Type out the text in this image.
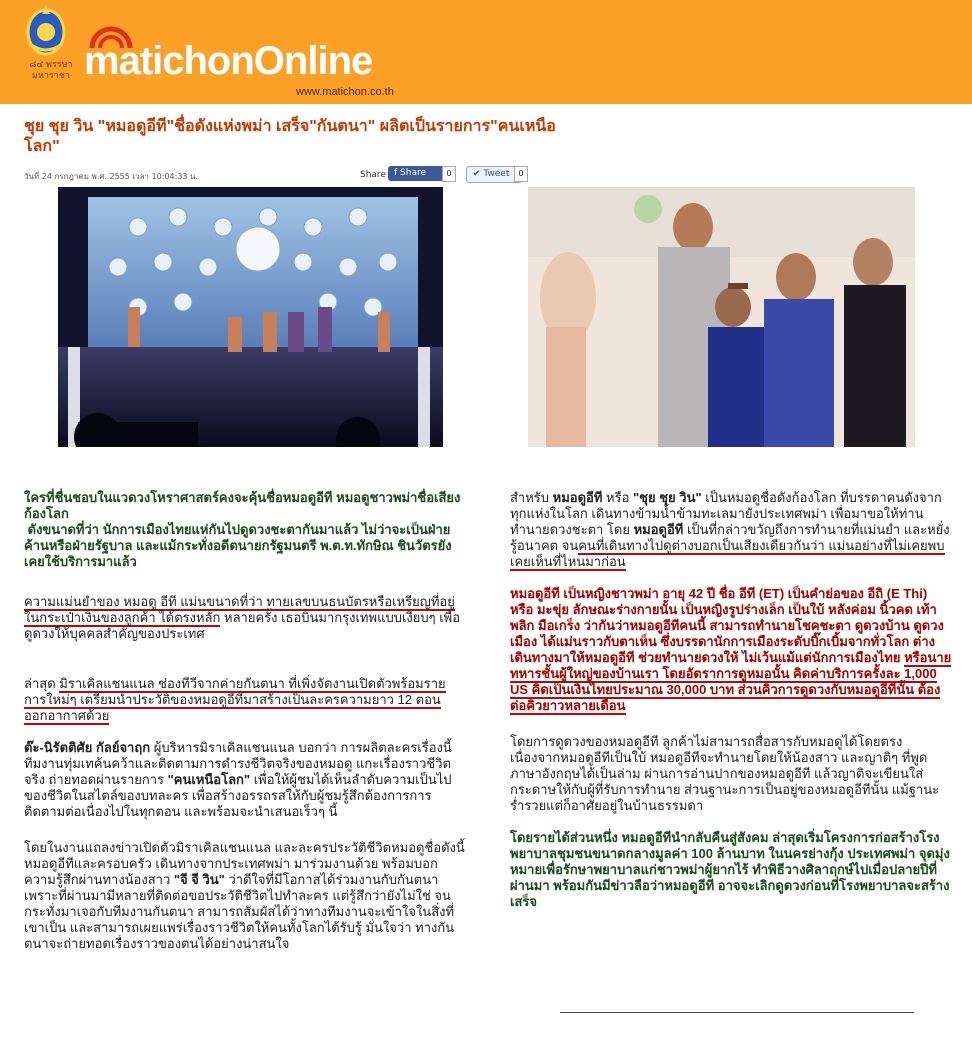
๘๔ พรรษา
มหาราชา matichonOnline
www.matichon.co.th
ชุย ชุย วิน "หมอดูอีที"ชื่อดังแห่งพม่า เสร็จ"กันตนา" ผลิตเป็นรายการ"คนเหนือโลก"
วันที่ 24 กรกฎาคม พ.ศ. 2555 เวลา 10:04:33 น.	Share f Share	0	✔ Tweet	0

ใครที่ชื่นชอบในแวดวงโหราศาสตร์คงจะคุ้นชื่อหมอดูอีที หมอดูชาวพม่าชื่อเสียงก้องโลก
ดังขนาดที่ว่า นักการเมืองไทยแห่กันไปดูดวงชะตากันมาแล้ว ไม่ว่าจะเป็นฝ่ายค้านหรือฝ่ายรัฐบาล และแม้กระทั่งอดีตนายกรัฐมนตรี พ.ต.ท.ทักษิณ ชินวัตรยังเคยใช้บริการมาแล้ว

ความแม่นยำของ หมอดู อีที แม่นขนาดที่ว่า ทายเลขบนธนบัตรหรือเหรียญที่อยู่ในกระเป๋าเงินของลูกค้า ได้ตรงหลัก หลายครั้ง เธอบินมากรุงเทพแบบเงียบๆ เพื่อดูดวงให้บุคคลสำคัญของประเทศ

ล่าสุด มิราเคิลแชนแนล ช่องทีวีจากค่ายกันตนา ที่เพิ่งจัดงานเปิดตัวพร้อมรายการใหม่ๆ เตรียมนำประวัติของหมอดูอีทีมาสร้างเป็นละครความยาว 12 ตอน ออกอากาศด้วย

ต๊ะ-นิรัตติศัย กัลย์จาฤก ผู้บริหารมิราเคิลแชนแนล บอกว่า การผลิตละครเรื่องนี้ ทีมงานทุ่มเทค้นคว้าและติดตามการดำรงชีวิตจริงของหมอดู แกะเรื่องราวชีวิตจริง ถ่ายทอดผ่านรายการ "คนเหนือโลก" เพื่อให้ผู้ชมได้เห็นลำดับความเป็นไปของชีวิตในสไตล์ของบทละคร เพื่อสร้างอรรถรสให้กับผู้ชมรู้สึกต้องการการติดตามต่อเนื่องไปในทุกตอน และพร้อมจะนำเสนอเร็วๆ นี้

โดยในงานแถลงข่าวเปิดตัวมิราเคิลแชนแนล และละครประวัติชีวิตหมอดูชื่อดังนี้ หมอดูอีทีและครอบครัว เดินทางจากประเทศพม่า มาร่วมงานด้วย พร้อมบอกความรู้สึกผ่านทางน้องสาว "จี จี วิน" ว่าดีใจที่มีโอกาสได้ร่วมงานกับกันตนา เพราะที่ผ่านมามีหลายที่ติดต่อขอประวัติชีวิตไปทำละคร แต่รู้สึกว่ายังไม่ใช่ จนกระทั่งมาเจอกับทีมงานกันตนา สามารถสัมผัสได้ว่าทางทีมงานจะเข้าใจในสิ่งที่เขาเป็น และสามารถเผยแพร่เรื่องราวชีวิตให้คนทั้งโลกได้รับรู้ มั่นใจว่า ทางกันตนาจะถ่ายทอดเรื่องราวของตนได้อย่างน่าสนใจ

สำหรับ หมอดูอีที หรือ "ชุย ชุย วิน" เป็นหมอดูชื่อดังก้องโลก ที่บรรดาคนดังจากทุกแห่งในโลก เดินทางข้ามน้ำข้ามทะเลมายังประเทศพม่า เพื่อมาขอให้ท่านทำนายดวงชะตา โดย หมอดูอีที เป็นที่กล่าวขวัญถึงการทำนายที่แม่นยำ และหยั่งรู้อนาคต จนคนที่เดินทางไปดูต่างบอกเป็นเสียงเดียวกันว่า แม่นอย่างที่ไม่เคยพบเคยเห็นที่ไหนมาก่อน

หมอดูอีที เป็นหญิงชาวพม่า อายุ 42 ปี ชื่อ อีที (ET) เป็นคำย่อของ อีถิ (E Thi) หรือ มะขุ่ย ลักษณะร่างกายนั้น เป็นหญิงรูปร่างเล็ก เป็นใบ้ หลังค่อม นิ้วคด เท้าพลิก มือเกร็ง ว่ากันว่าหมอดูอีทีคนนี้ สามารถทำนายโชคชะตา ดูดวงบ้าน ดูดวงเมือง ได้แม่นราวกับตาเห็น ซึ่งบรรดานักการเมืองระดับบิ๊กเบิ้มจากทั่วโลก ต่างเดินทางมาให้หมอดูอีที ช่วยทำนายดวงให้ ไม่เว้นแม้แต่นักการเมืองไทย หรือนายทหารชั้นผู้ใหญ่ของบ้านเรา โดยอัตราการดูหมอนั้น คิดค่าบริการครั้งละ 1,000 US คิดเป็นเงินไทยประมาณ 30,000 บาท ส่วนคิวการดูดวงกับหมอดูอีทีนั้น ต้องต่อคิวยาวหลายเดือน

โดยการดูดวงของหมอดูอีที ลูกค้าไม่สามารถสื่อสารกับหมอดูได้โดยตรง เนื่องจากหมอดูอีทีเป็นใบ้ หมอดูอีทีจะทำนายโดยให้น้องสาว และญาติๆ ที่พูดภาษาอังกฤษได้เป็นล่าม ผ่านการอ่านปากของหมอดูอีที แล้วญาติจะเขียนใส่กระดาษให้กับผู้ที่รับการทำนาย ส่วนฐานะการเป็นอยู่ของหมอดูอีทีนั้น แม้ฐานะร่ำรวยแต่ก็อาศัยอยู่ในบ้านธรรมดา

โดยรายได้ส่วนหนึ่ง หมอดูอีทีนำกลับคืนสู่สังคม ล่าสุดเริ่มโครงการก่อสร้างโรงพยาบาลชุมชนขนาดกลางมูลค่า 100 ล้านบาท ในนครย่างกุ้ง ประเทศพม่า จุดมุ่งหมายเพื่อรักษาพยาบาลแก่ชาวพม่าผู้ยากไร้ ทำพิธีวางศิลาฤกษ์ไปเมื่อปลายปีที่ผ่านมา พร้อมกันมีข่าวลือว่าหมอดูอีที อาจจะเลิกดูดวงก่อนที่โรงพยาบาลจะสร้างเสร็จ
